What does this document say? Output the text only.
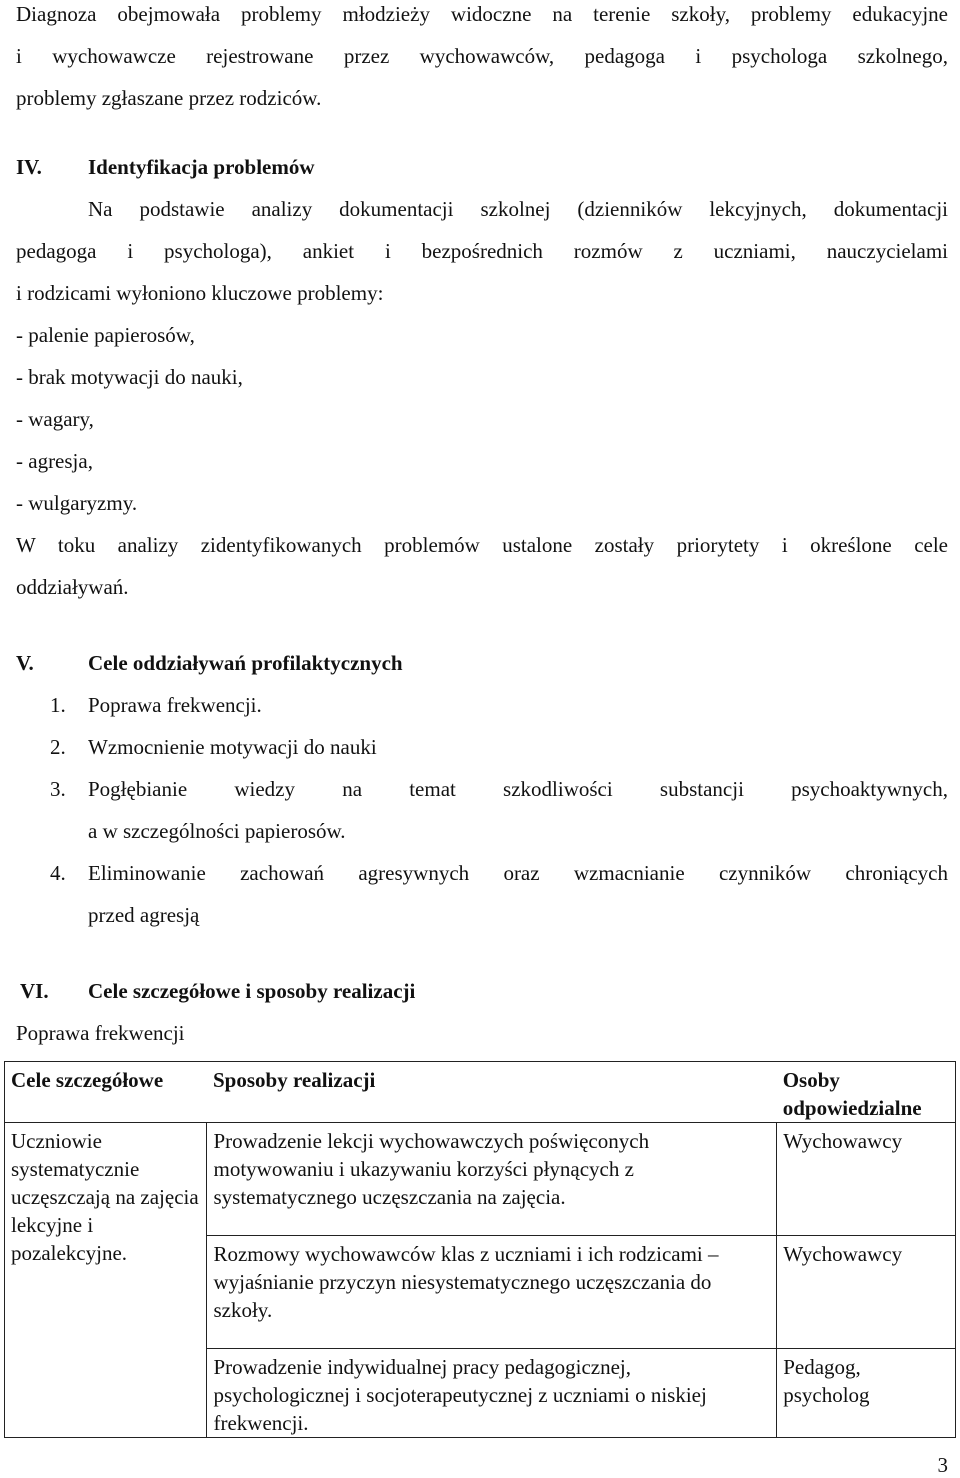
Diagnoza obejmowała problemy młodzieży widoczne na terenie szkoły, problemy edukacyjne

i wychowawcze rejestrowane przez wychowawców, pedagoga i psychologa szkolnego,

problemy zgłaszane przez rodziców.

IV. Identyfikacja problemów

Na podstawie analizy dokumentacji szkolnej (dzienników lekcyjnych, dokumentacji

pedagoga i psychologa), ankiet i bezpośrednich rozmów z uczniami, nauczycielami

i rodzicami wyłoniono kluczowe problemy:

- palenie papierosów,

- brak motywacji do nauki,

- wagary,

- agresja,

- wulgaryzmy.

W toku analizy zidentyfikowanych problemów ustalone zostały priorytety i określone cele

oddziaływań.

V.	Cele oddziaływań profilaktycznych

1. Poprawa frekwencji.
2. Wzmocnienie motywacji do nauki
3. Pogłębianie wiedzy na temat szkodliwości substancji psychoaktywnych,
a w szczególności papierosów.
4. Eliminowanie zachowań agresywnych oraz wzmacnianie czynników chroniących
przed agresją

VI. Cele szczegółowe i sposoby realizacji

Poprawa frekwencji

Cele szczegółowe	Sposoby realizacji	Osoby odpowiedzialne
Uczniowie systematycznie uczęszczają na zajęcia lekcyjne i pozalekcyjne.	Prowadzenie lekcji wychowawczych poświęconych motywowaniu i ukazywaniu korzyści płynących z systematycznego uczęszczania na zajęcia.	Wychowawcy
	Rozmowy wychowawców klas z uczniami i ich rodzicami – wyjaśnianie przyczyn niesystematycznego uczęszczania do szkoły.	Wychowawcy
	Prowadzenie indywidualnej pracy pedagogicznej, psychologicznej i socjoterapeutycznej z uczniami o niskiej frekwencji.	Pedagog, psycholog
3
